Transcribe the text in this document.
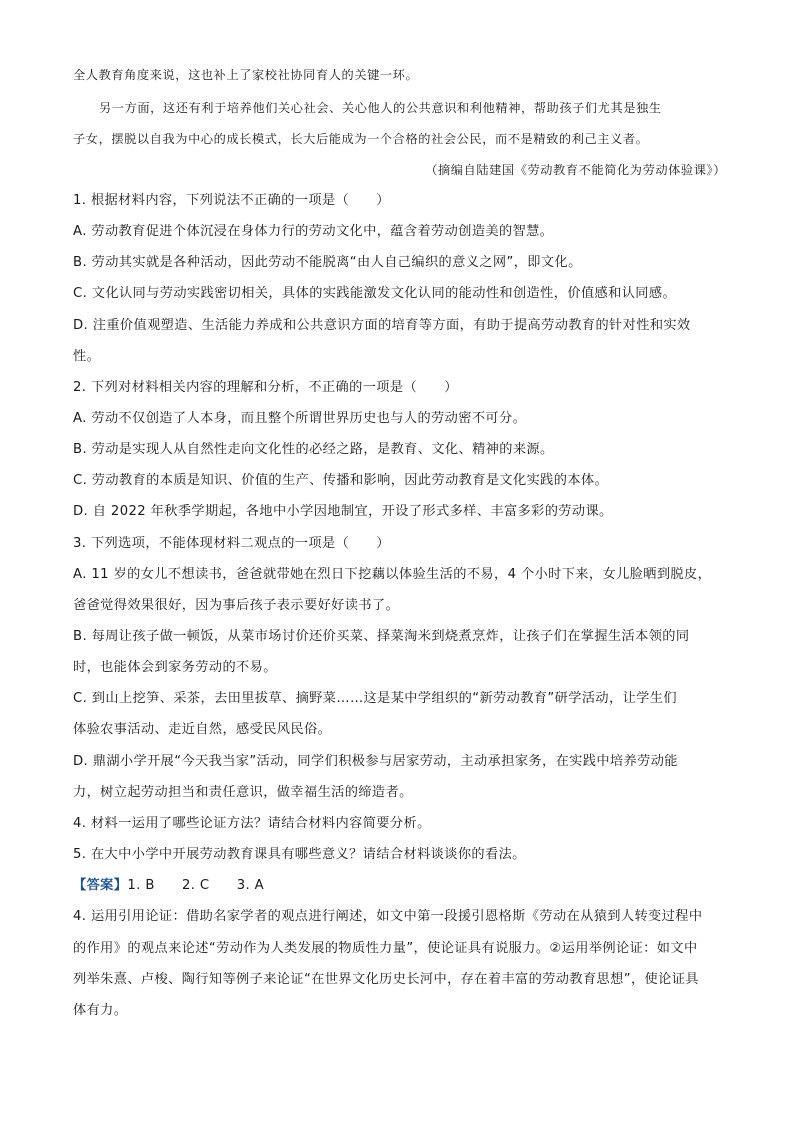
全人教育角度来说，这也补上了家校社协同育人的关键一环。
另一方面，这还有利于培养他们关心社会、关心他人的公共意识和利他精神，帮助孩子们尤其是独生
子女，摆脱以自我为中心的成长模式，长大后能成为一个合格的社会公民，而不是精致的利己主义者。
（摘编自陆建国《劳动教育不能简化为劳动体验课》）
1. 根据材料内容，下列说法不正确的一项是（　　）
A. 劳动教育促进个体沉浸在身体力行的劳动文化中，蕴含着劳动创造美的智慧。
B. 劳动其实就是各种活动，因此劳动不能脱离“由人自己编织的意义之网”，即文化。
C. 文化认同与劳动实践密切相关，具体的实践能激发文化认同的能动性和创造性，价值感和认同感。
D. 注重价值观塑造、生活能力养成和公共意识方面的培育等方面，有助于提高劳动教育的针对性和实效
性。
2. 下列对材料相关内容的理解和分析，不正确的一项是（　　）
A. 劳动不仅创造了人本身，而且整个所谓世界历史也与人的劳动密不可分。
B. 劳动是实现人从自然性走向文化性的必经之路，是教育、文化、精神的来源。
C. 劳动教育的本质是知识、价值的生产、传播和影响，因此劳动教育是文化实践的本体。
D. 自 2022 年秋季学期起，各地中小学因地制宜，开设了形式多样、丰富多彩的劳动课。
3. 下列选项，不能体现材料二观点的一项是（　　）
A. 11 岁的女儿不想读书，爸爸就带她在烈日下挖藕以体验生活的不易，4 个小时下来，女儿脸晒到脱皮，
爸爸觉得效果很好，因为事后孩子表示要好好读书了。
B. 每周让孩子做一顿饭，从菜市场讨价还价买菜、择菜淘米到烧煮烹炸，让孩子们在掌握生活本领的同
时，也能体会到家务劳动的不易。
C. 到山上挖笋、采茶，去田里拔草、摘野菜……这是某中学组织的“新劳动教育”研学活动，让学生们
体验农事活动、走近自然，感受民风民俗。
D. 鼎湖小学开展“今天我当家”活动，同学们积极参与居家劳动，主动承担家务，在实践中培养劳动能
力，树立起劳动担当和责任意识，做幸福生活的缔造者。
4. 材料一运用了哪些论证方法？请结合材料内容简要分析。
5. 在大中小学中开展劳动教育课具有哪些意义？请结合材料谈谈你的看法。
【答案】1. B　　2. C　　3. A
4. 运用引用论证：借助名家学者的观点进行阐述，如文中第一段援引恩格斯《劳动在从猿到人转变过程中
的作用》的观点来论述“劳动作为人类发展的物质性力量”，使论证具有说服力。②运用举例论证：如文中
列举朱熹、卢梭、陶行知等例子来论证“在世界文化历史长河中，存在着丰富的劳动教育思想”，使论证具
体有力。
